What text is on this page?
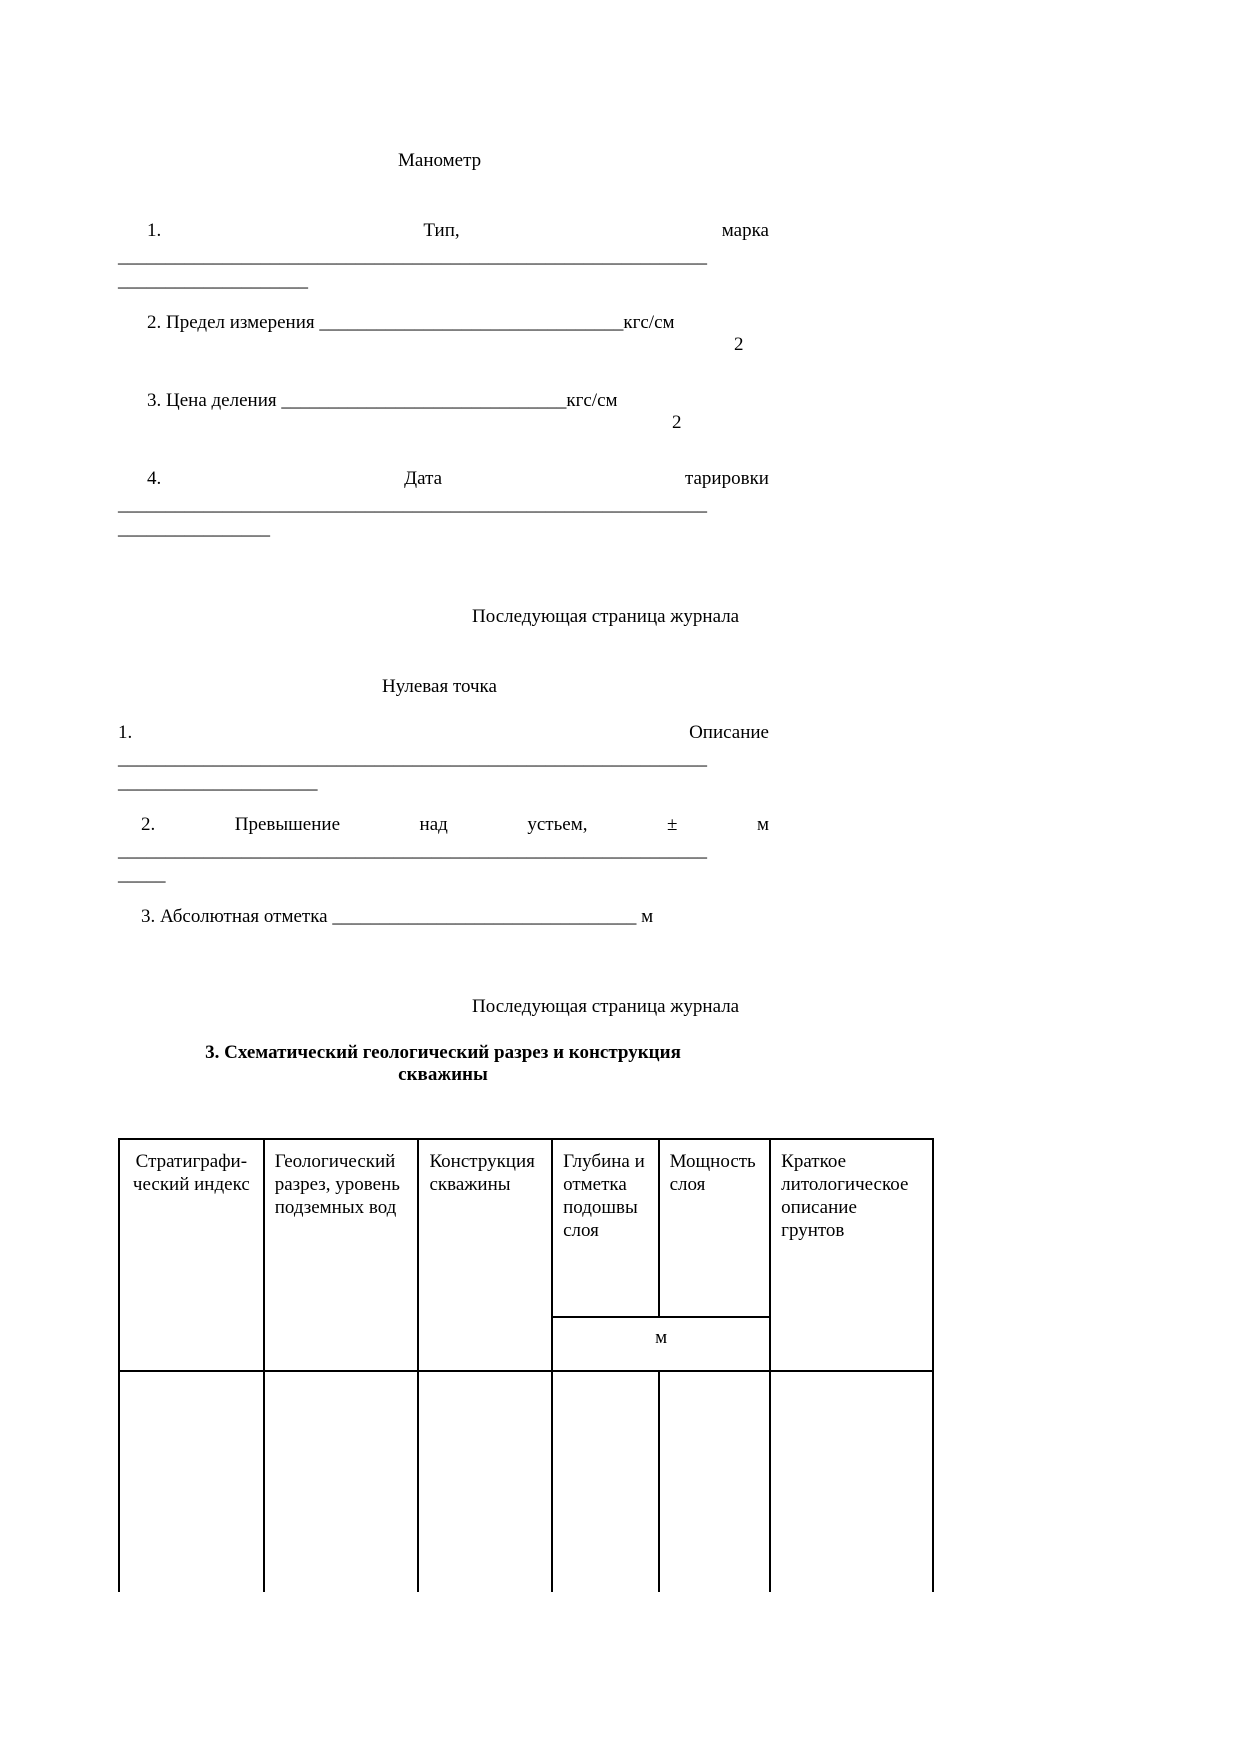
Манометр
1.	Тип,	марка
______________________________________________________________
____________________
2. Предел измерения ________________________________кгс/см
2
3. Цена деления ______________________________кгс/см
2
4.	Дата	тарировки
______________________________________________________________
________________
Последующая страница журнала
Нулевая точка
1.	Описание
______________________________________________________________
_____________________
2.	Превышение	над	устьем,	±	м
______________________________________________________________
_____
3. Абсолютная отметка ________________________________ м
Последующая страница журнала
3. Схематический геологический разрез и конструкция
скважины
Стратиграфи-ческий индекс	Геологический разрез, уровень подземных вод	Конструкция скважины	Глубина и отметка подошвы слоя	Мощность слоя	Краткое литологическое описание грунтов
			м		
